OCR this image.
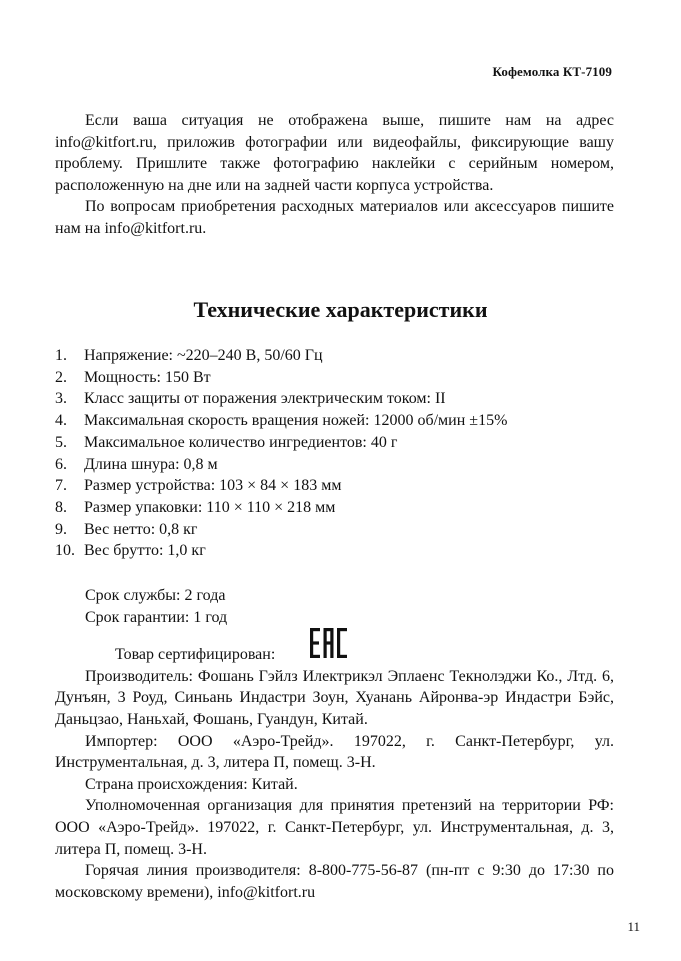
Кофемолка КТ-7109

Если ваша ситуация не отображена выше, пишите нам на адрес info@kitfort.ru, приложив фотографии или видеофайлы, фиксирующие вашу проблему. Пришлите также фотографию наклейки с серийным номером, расположенную на дне или на задней части корпуса устройства.

По вопросам приобретения расходных материалов или аксессуаров пишите нам на info@kitfort.ru.

Технические характеристики
1. Напряжение: ~220–240 В, 50/60 Гц
2. Мощность: 150 Вт
3. Класс защиты от поражения электрическим током: II
4. Максимальная скорость вращения ножей: 12000 об/мин ±15%
5. Максимальное количество ингредиентов: 40 г
6. Длина шнура: 0,8 м
7. Размер устройства: 103 × 84 × 183 мм
8. Размер упаковки: 110 × 110 × 218 мм
9. Вес нетто: 0,8 кг
10. Вес брутто: 1,0 кг

Срок службы: 2 года

Срок гарантии: 1 год

Товар сертифицирован:

Производитель: Фошань Гэйлз Илектрикэл Эплаенс Текнолэджи Ко., Лтд. 6, Дунъян, 3 Роуд, Синьань Индастри Зоун, Хуанань Айронва-эр Индастри Бэйс, Даньцзао, Наньхай, Фошань, Гуандун, Китай.

Импортер: ООО «Аэро-Трейд». 197022, г. Санкт-Петербург, ул. Инструментальная, д. 3, литера П, помещ. 3-Н.

Страна происхождения: Китай.

Уполномоченная организация для принятия претензий на территории РФ: ООО «Аэро-Трейд». 197022, г. Санкт-Петербург, ул. Инструментальная, д. 3, литера П, помещ. 3-Н.

Горячая линия производителя: 8-800-775-56-87 (пн-пт с 9:30 до 17:30 по московскому времени), info@kitfort.ru

11
